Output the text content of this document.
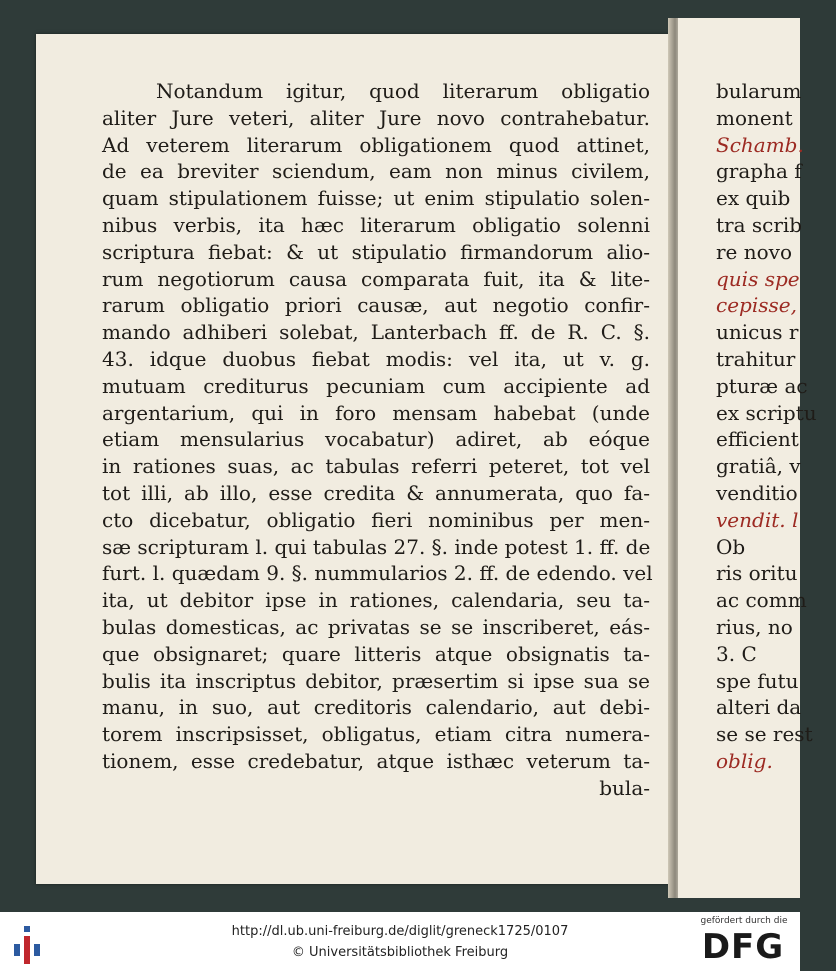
bularum
monent
Schamb.
grapha f
ex quib
tra scrib
re novo
quis spe
cepisse,
unicus r
trahitur
pturæ ac
ex scriptu
efficient
gratiâ, v
venditio
vendit. l
Ob
ris oritu
ac comm
rius, no
3. C
spe futu
alteri da
se se rest
oblig.
Notandum igitur, quod literarum obligatio
aliter Jure veteri, aliter Jure novo contrahebatur.
Ad veterem literarum obligationem quod attinet,
de ea breviter sciendum, eam non minus civilem,
quam stipulationem fuisse; ut enim stipulatio solen-
nibus verbis, ita hæc literarum obligatio solenni
scriptura fiebat: & ut stipulatio firmandorum alio-
rum negotiorum causa comparata fuit, ita & lite-
rarum obligatio priori causæ, aut negotio confir-
mando adhiberi solebat, Lanterbach ff. de R. C. §.
43. idque duobus fiebat modis: vel ita, ut v. g.
mutuam crediturus pecuniam cum accipiente ad
argentarium, qui in foro mensam habebat (unde
etiam mensularius vocabatur) adiret, ab eóque
in rationes suas, ac tabulas referri peteret, tot vel
tot illi, ab illo, esse credita & annumerata, quo fa-
cto dicebatur, obligatio fieri nominibus per men-
sæ scripturam l. qui tabulas 27. §. inde potest 1. ff. de
furt. l. quædam 9. §. nummularios 2. ff. de edendo. vel
ita, ut debitor ipse in rationes, calendaria, seu ta-
bulas domesticas, ac privatas se se inscriberet, eás-
que obsignaret; quare litteris atque obsignatis ta-
bulis ita inscriptus debitor, præsertim si ipse sua se
manu, in suo, aut creditoris calendario, aut debi-
torem inscripsisset, obligatus, etiam citra numera-
tionem, esse credebatur, atque isthæc veterum ta-
bula-
http://dl.ub.uni-freiburg.de/diglit/greneck1725/0107
© Universitätsbibliothek Freiburg
gefördert durch die
DFG
